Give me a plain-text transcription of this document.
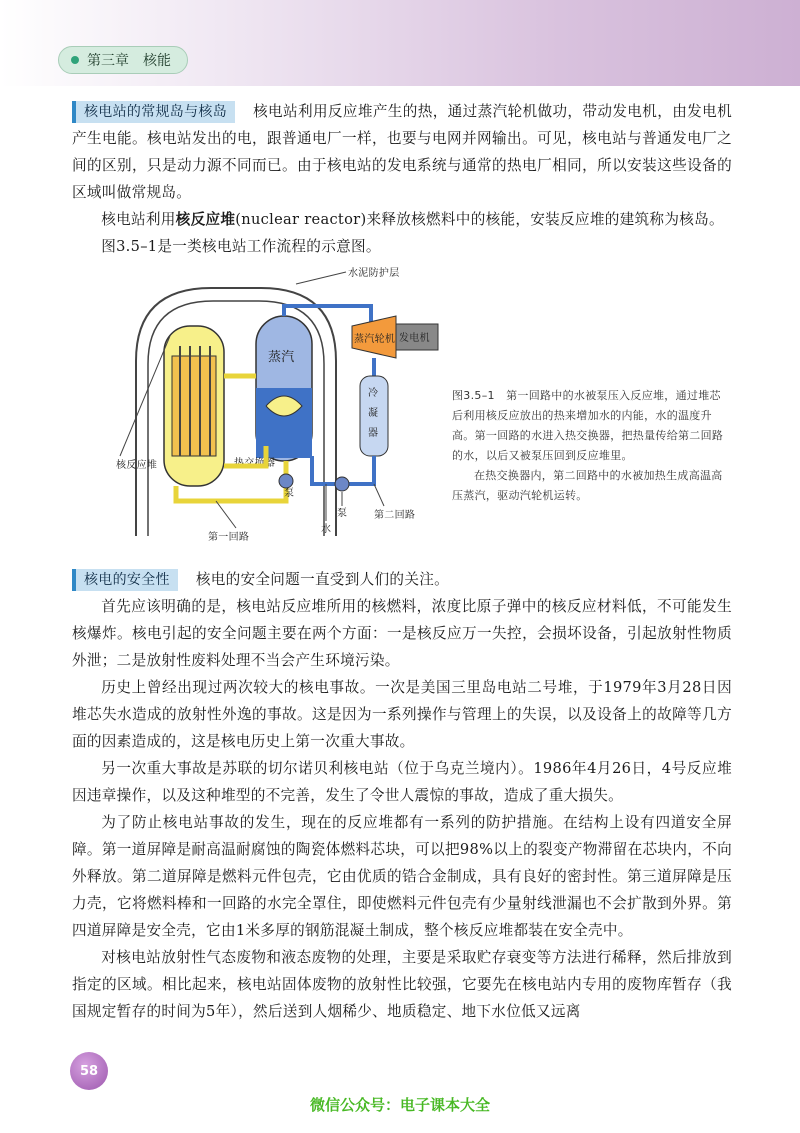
第三章　核能

核电站的常规岛与核岛 核电站利用反应堆产生的热，通过蒸汽轮机做功，带动发电机，由发电机产生电能。核电站发出的电，跟普通电厂一样，也要与电网并网输出。可见，核电站与普通发电厂之间的区别，只是动力源不同而已。由于核电站的发电系统与通常的热电厂相同，所以安装这些设备的区域叫做常规岛。

核电站利用核反应堆(nuclear reactor)来释放核燃料中的核能，安装反应堆的建筑称为核岛。

图3.5–1是一类核电站工作流程的示意图。

水泥防护层
核反应堆
蒸汽
热交换器
泵
第一回路
蒸汽轮机 发电机
冷
凝
器
泵
水
第二回路

图3.5–1　第一回路中的水被泵压入反应堆，通过堆芯后利用核反应放出的热来增加水的内能，水的温度升高。第一回路的水进入热交换器，把热量传给第二回路的水，以后又被泵压回到反应堆里。

在热交换器内，第二回路中的水被加热生成高温高压蒸汽，驱动汽轮机运转。

核电的安全性 核电的安全问题一直受到人们的关注。

首先应该明确的是，核电站反应堆所用的核燃料，浓度比原子弹中的核反应材料低，不可能发生核爆炸。核电引起的安全问题主要在两个方面：一是核反应万一失控，会损坏设备，引起放射性物质外泄；二是放射性废料处理不当会产生环境污染。

历史上曾经出现过两次较大的核电事故。一次是美国三里岛电站二号堆，于1979年3月28日因堆芯失水造成的放射性外逸的事故。这是因为一系列操作与管理上的失误，以及设备上的故障等几方面的因素造成的，这是核电历史上第一次重大事故。

另一次重大事故是苏联的切尔诺贝利核电站（位于乌克兰境内）。1986年4月26日，4号反应堆因违章操作，以及这种堆型的不完善，发生了令世人震惊的事故，造成了重大损失。

为了防止核电站事故的发生，现在的反应堆都有一系列的防护措施。在结构上设有四道安全屏障。第一道屏障是耐高温耐腐蚀的陶瓷体燃料芯块，可以把98%以上的裂变产物滞留在芯块内，不向外释放。第二道屏障是燃料元件包壳，它由优质的锆合金制成，具有良好的密封性。第三道屏障是压力壳，它将燃料棒和一回路的水完全罩住，即使燃料元件包壳有少量射线泄漏也不会扩散到外界。第四道屏障是安全壳，它由1米多厚的钢筋混凝土制成，整个核反应堆都装在安全壳中。

对核电站放射性气态废物和液态废物的处理，主要是采取贮存衰变等方法进行稀释，然后排放到指定的区域。相比起来，核电站固体废物的放射性比较强，它要先在核电站内专用的废物库暂存（我国规定暂存的时间为5年），然后送到人烟稀少、地质稳定、地下水位低又远离

58
微信公众号：电子课本大全
